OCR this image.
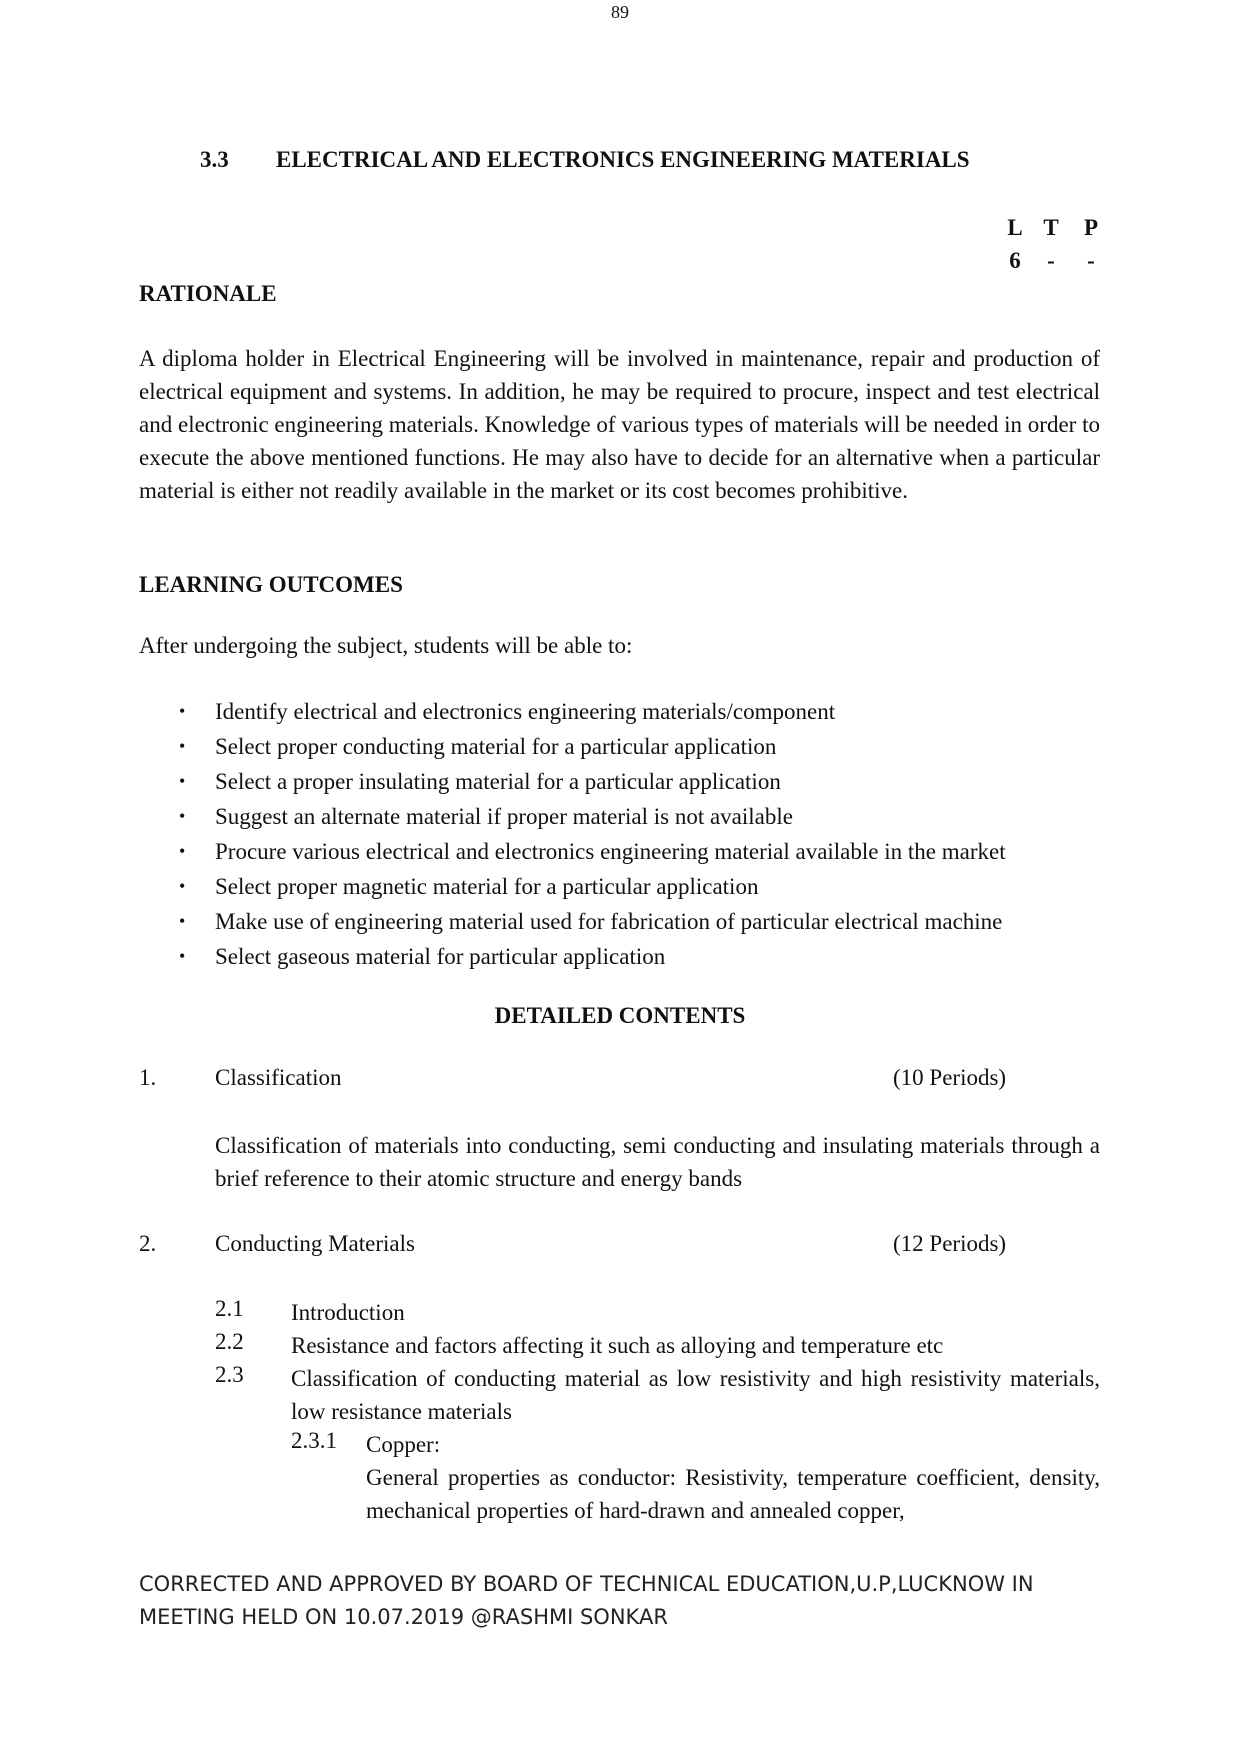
89
3.3 ELECTRICAL AND ELECTRONICS ENGINEERING MATERIALS
L T	P
6	-	-
RATIONALE
A diploma holder in Electrical Engineering will be involved in maintenance, repair and production of electrical equipment and systems. In addition, he may be required to procure, inspect and test electrical and electronic engineering materials. Knowledge of various types of materials will be needed in order to execute the above mentioned functions. He may also have to decide for an alternative when a particular material is either not readily available in the market or its cost becomes prohibitive.
LEARNING OUTCOMES
After undergoing the subject, students will be able to:
• Identify electrical and electronics engineering materials/component
• Select proper conducting material for a particular application
• Select a proper insulating material for a particular application
• Suggest an alternate material if proper material is not available
• Procure various electrical and electronics engineering material available in the market
• Select proper magnetic material for a particular application
• Make use of engineering material used for fabrication of particular electrical machine
• Select gaseous material for particular application
DETAILED CONTENTS
1.	Classification	(10 Periods)
Classification of materials into conducting, semi conducting and insulating materials through a brief reference to their atomic structure and energy bands
2.	Conducting Materials	(12 Periods)
2.1 Introduction
2.2 Resistance and factors affecting it such as alloying and temperature etc
2.3 Classification of conducting material as low resistivity and high resistivity materials, low resistance materials
2.3.1 Copper:
General properties as conductor: Resistivity, temperature coefficient, density, mechanical properties of hard-drawn and annealed copper,
CORRECTED AND APPROVED BY BOARD OF TECHNICAL EDUCATION,U.P,LUCKNOW IN
MEETING HELD ON 10.07.2019 @RASHMI SONKAR
